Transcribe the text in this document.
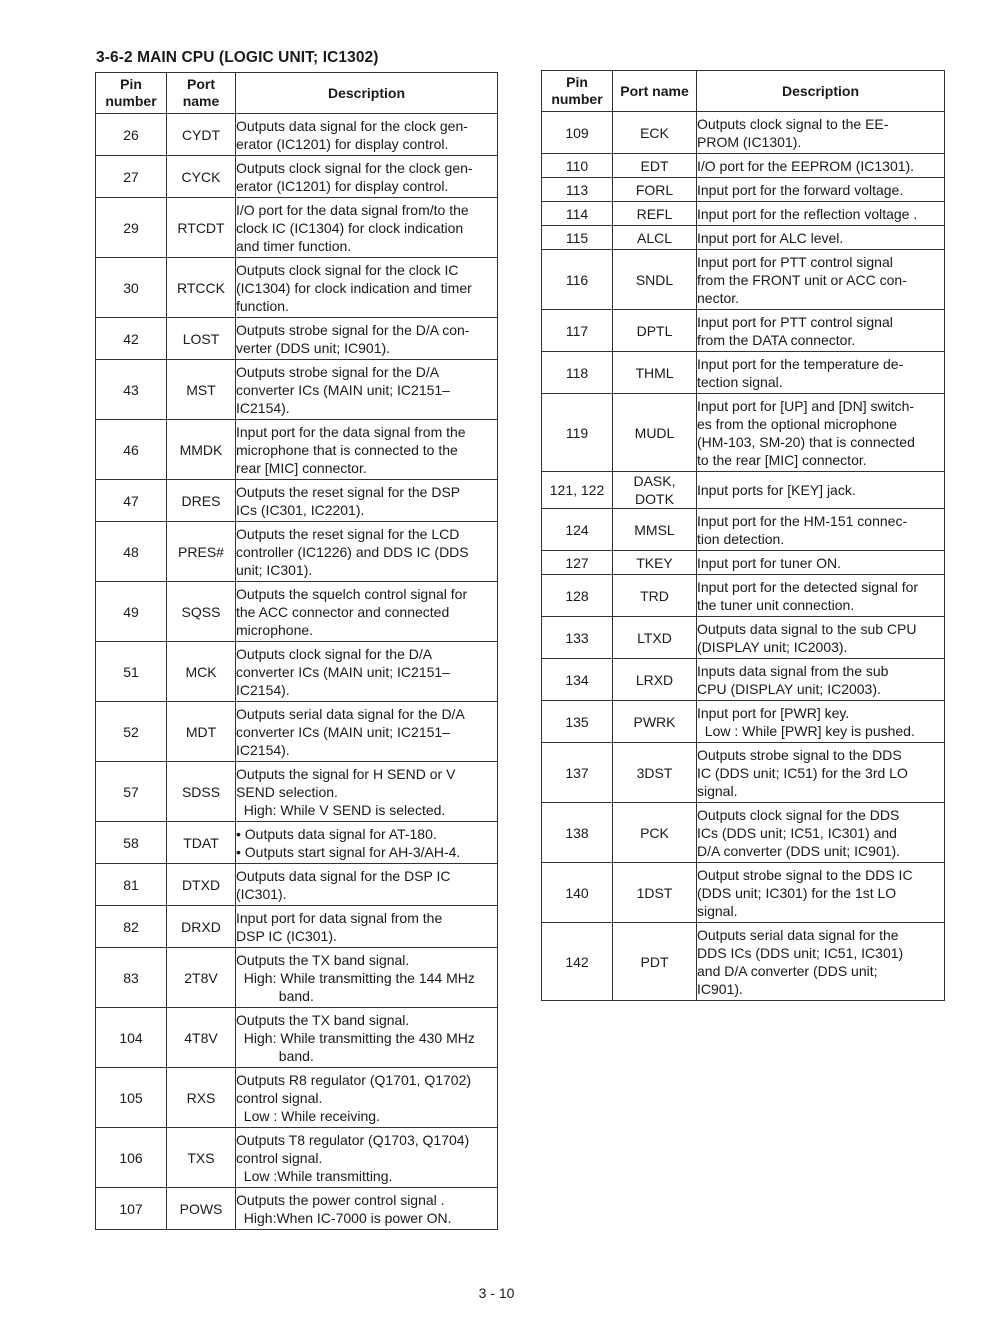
3-6-2 MAIN CPU (LOGIC UNIT; IC1302)
Pin number	Port name	Description
26	CYDT	Outputs data signal for the clock gen-
erator (IC1201) for display control.

27	CYCK	Outputs clock signal for the clock gen-
erator (IC1201) for display control.

29	RTCDT	I/O port for the data signal from/to the
clock IC (IC1304) for clock indication
and timer function.

30	RTCCK	Outputs clock signal for the clock IC
(IC1304) for clock indication and timer
function.

42	LOST	Outputs strobe signal for the D/A con-
verter (DDS unit; IC901).

43	MST	Outputs strobe signal for the D/A
converter ICs (MAIN unit; IC2151–
IC2154).

46	MMDK	Input port for the data signal from the
microphone that is connected to the
rear [MIC] connector.

47	DRES	Outputs the reset signal for the DSP
ICs (IC301, IC2201).

48	PRES#	Outputs the reset signal for the LCD
controller (IC1226) and DDS IC (DDS
unit; IC301).

49	SQSS	Outputs the squelch control signal for
the ACC connector and connected
microphone.

51	MCK	Outputs clock signal for the D/A
converter ICs (MAIN unit; IC2151–
IC2154).

52	MDT	Outputs serial data signal for the D/A
converter ICs (MAIN unit; IC2151–
IC2154).

57	SDSS	Outputs the signal for H SEND or V
SEND selection.
High: While V SEND is selected.

58	TDAT	• Outputs data signal for AT-180.
• Outputs start signal for AH-3/AH-4.

81	DTXD	Outputs data signal for the DSP IC
(IC301).

82	DRXD	Input port for data signal from the
DSP IC (IC301).

83	2T8V	Outputs the TX band signal.
High: While transmitting the 144 MHz
band.

104	4T8V	Outputs the TX band signal.
High: While transmitting the 430 MHz
band.

105	RXS	Outputs R8 regulator (Q1701, Q1702)
control signal.
Low : While receiving.

106	TXS	Outputs T8 regulator (Q1703, Q1704)
control signal.
Low :While transmitting.

107	POWS	Outputs the power control signal .
High:When IC-7000 is power ON.
Pin number	Port name	Description
109	ECK	Outputs clock signal to the EE-
PROM (IC1301).

110	EDT	I/O port for the EEPROM (IC1301).

113	FORL	Input port for the forward voltage.

114	REFL	Input port for the reflection voltage .

115	ALCL	Input port for ALC level.

116	SNDL	Input port for PTT control signal
from the FRONT unit or ACC con-
nector.

117	DPTL	Input port for PTT control signal
from the DATA connector.

118	THML	Input port for the temperature de-
tection signal.

119	MUDL	Input port for [UP] and [DN] switch-
es from the optional microphone
(HM-103, SM-20) that is connected
to the rear [MIC] connector.

121, 122	DASK, DOTK	Input ports for [KEY] jack.

124	MMSL	Input port for the HM-151 connec-
tion detection.

127	TKEY	Input port for tuner ON.

128	TRD	Input port for the detected signal for
the tuner unit connection.

133	LTXD	Outputs data signal to the sub CPU
(DISPLAY unit; IC2003).

134	LRXD	Inputs data signal from the sub
CPU (DISPLAY unit; IC2003).

135	PWRK	Input port for [PWR] key.
Low : While [PWR] key is pushed.

137	3DST	Outputs strobe signal to the DDS
IC (DDS unit; IC51) for the 3rd LO
signal.

138	PCK	Outputs clock signal for the DDS
ICs (DDS unit; IC51, IC301) and
D/A converter (DDS unit; IC901).

140	1DST	Output strobe signal to the DDS IC
(DDS unit; IC301) for the 1st LO
signal.

142	PDT	Outputs serial data signal for the
DDS ICs (DDS unit; IC51, IC301)
and D/A converter (DDS unit;
IC901).
3 - 10
